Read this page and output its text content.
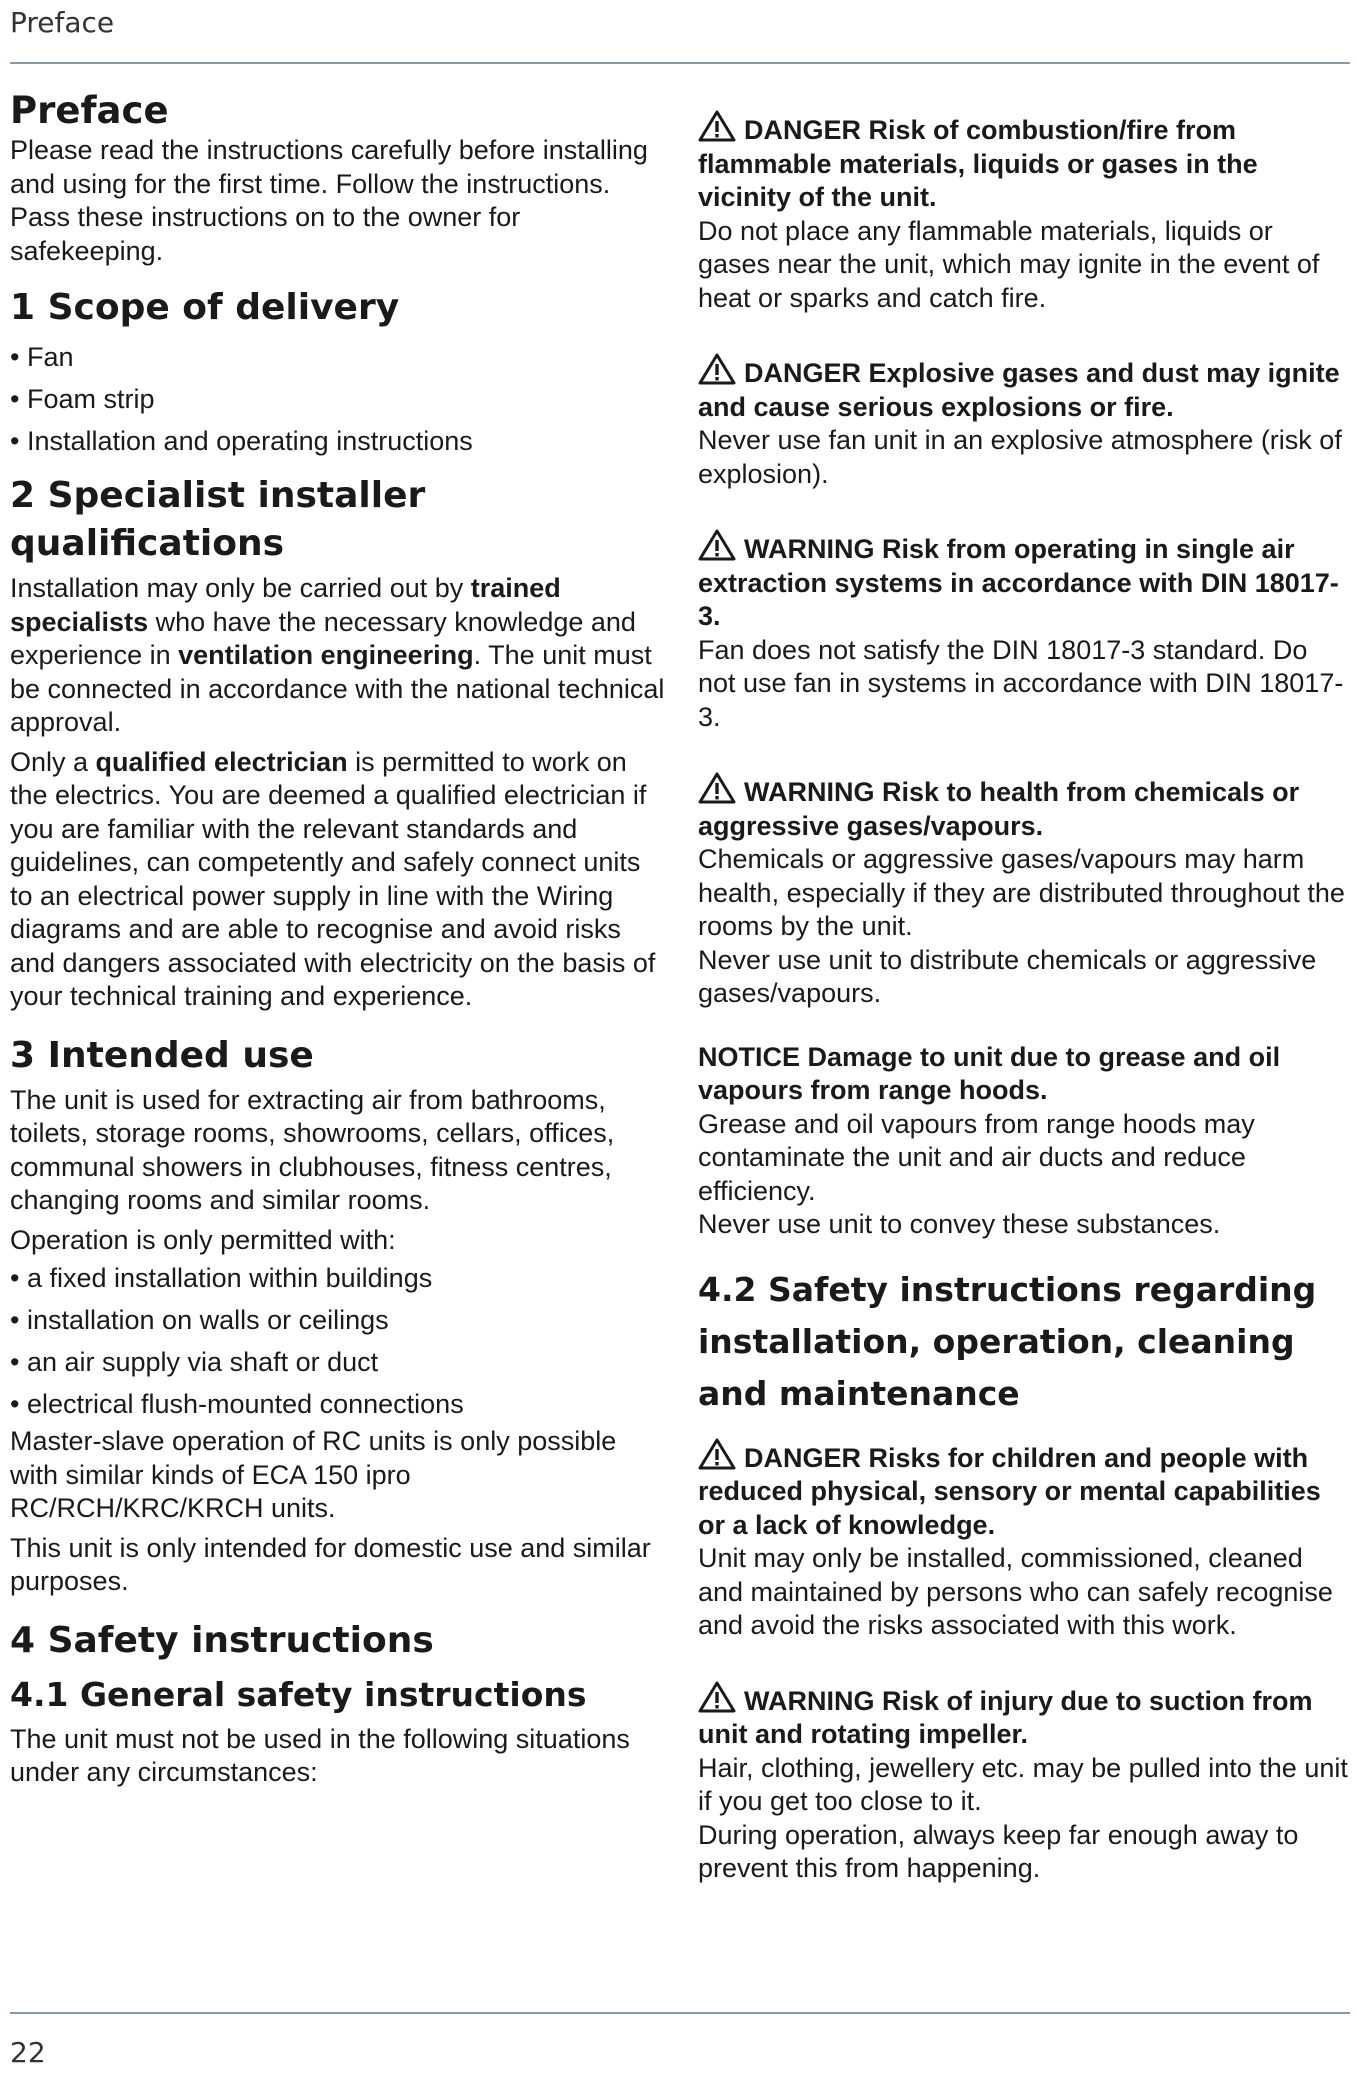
Preface
Preface

Please read the instructions carefully before installing and using for the first time. Follow the instructions. Pass these instructions on to the owner for safekeeping.

1 Scope of delivery
• Fan
• Foam strip
• Installation and operating instructions
2 Specialist installer qualifications

Installation may only be carried out by trained specialists who have the necessary knowledge and experience in ventilation engineering. The unit must be connected in accordance with the national technical approval.

Only a qualified electrician is permitted to work on the electrics. You are deemed a qualified electrician if you are familiar with the relevant standards and guidelines, can competently and safely connect units to an electrical power supply in line with the Wiring diagrams and are able to recognise and avoid risks and dangers associated with electricity on the basis of your technical training and experience.

3 Intended use

The unit is used for extracting air from bathrooms, toilets, storage rooms, showrooms, cellars, offices, communal showers in clubhouses, fitness centres, changing rooms and similar rooms.

Operation is only permitted with:

• a fixed installation within buildings
• installation on walls or ceilings
• an air supply via shaft or duct
• electrical flush-mounted connections

Master-slave operation of RC units is only possible with similar kinds of ECA 150 ipro RC/RCH/KRC/KRCH units.

This unit is only intended for domestic use and similar purposes.

4 Safety instructions
4.1 General safety instructions

The unit must not be used in the following situations under any circumstances:

DANGER Risk of combustion/fire from flammable materials, liquids or gases in the vicinity of the unit.

Do not place any flammable materials, liquids or gases near the unit, which may ignite in the event of heat or sparks and catch fire.

DANGER Explosive gases and dust may ignite and cause serious explosions or fire.

Never use fan unit in an explosive atmosphere (risk of explosion).

WARNING Risk from operating in single air extraction systems in accordance with DIN 18017-3.

Fan does not satisfy the DIN 18017-3 standard. Do not use fan in systems in accordance with DIN 18017-3.

WARNING Risk to health from chemicals or aggressive gases/vapours.

Chemicals or aggressive gases/vapours may harm health, especially if they are distributed throughout the rooms by the unit.

Never use unit to distribute chemicals or aggressive gases/vapours.

NOTICE Damage to unit due to grease and oil vapours from range hoods.

Grease and oil vapours from range hoods may contaminate the unit and air ducts and reduce efficiency.

Never use unit to convey these substances.

4.2 Safety instructions regarding installation, operation, cleaning and maintenance
DANGER Risks for children and people with reduced physical, sensory or mental capabilities or a lack of knowledge.

Unit may only be installed, commissioned, cleaned and maintained by persons who can safely recognise and avoid the risks associated with this work.

WARNING Risk of injury due to suction from unit and rotating impeller.

Hair, clothing, jewellery etc. may be pulled into the unit if you get too close to it.

During operation, always keep far enough away to prevent this from happening.

22
